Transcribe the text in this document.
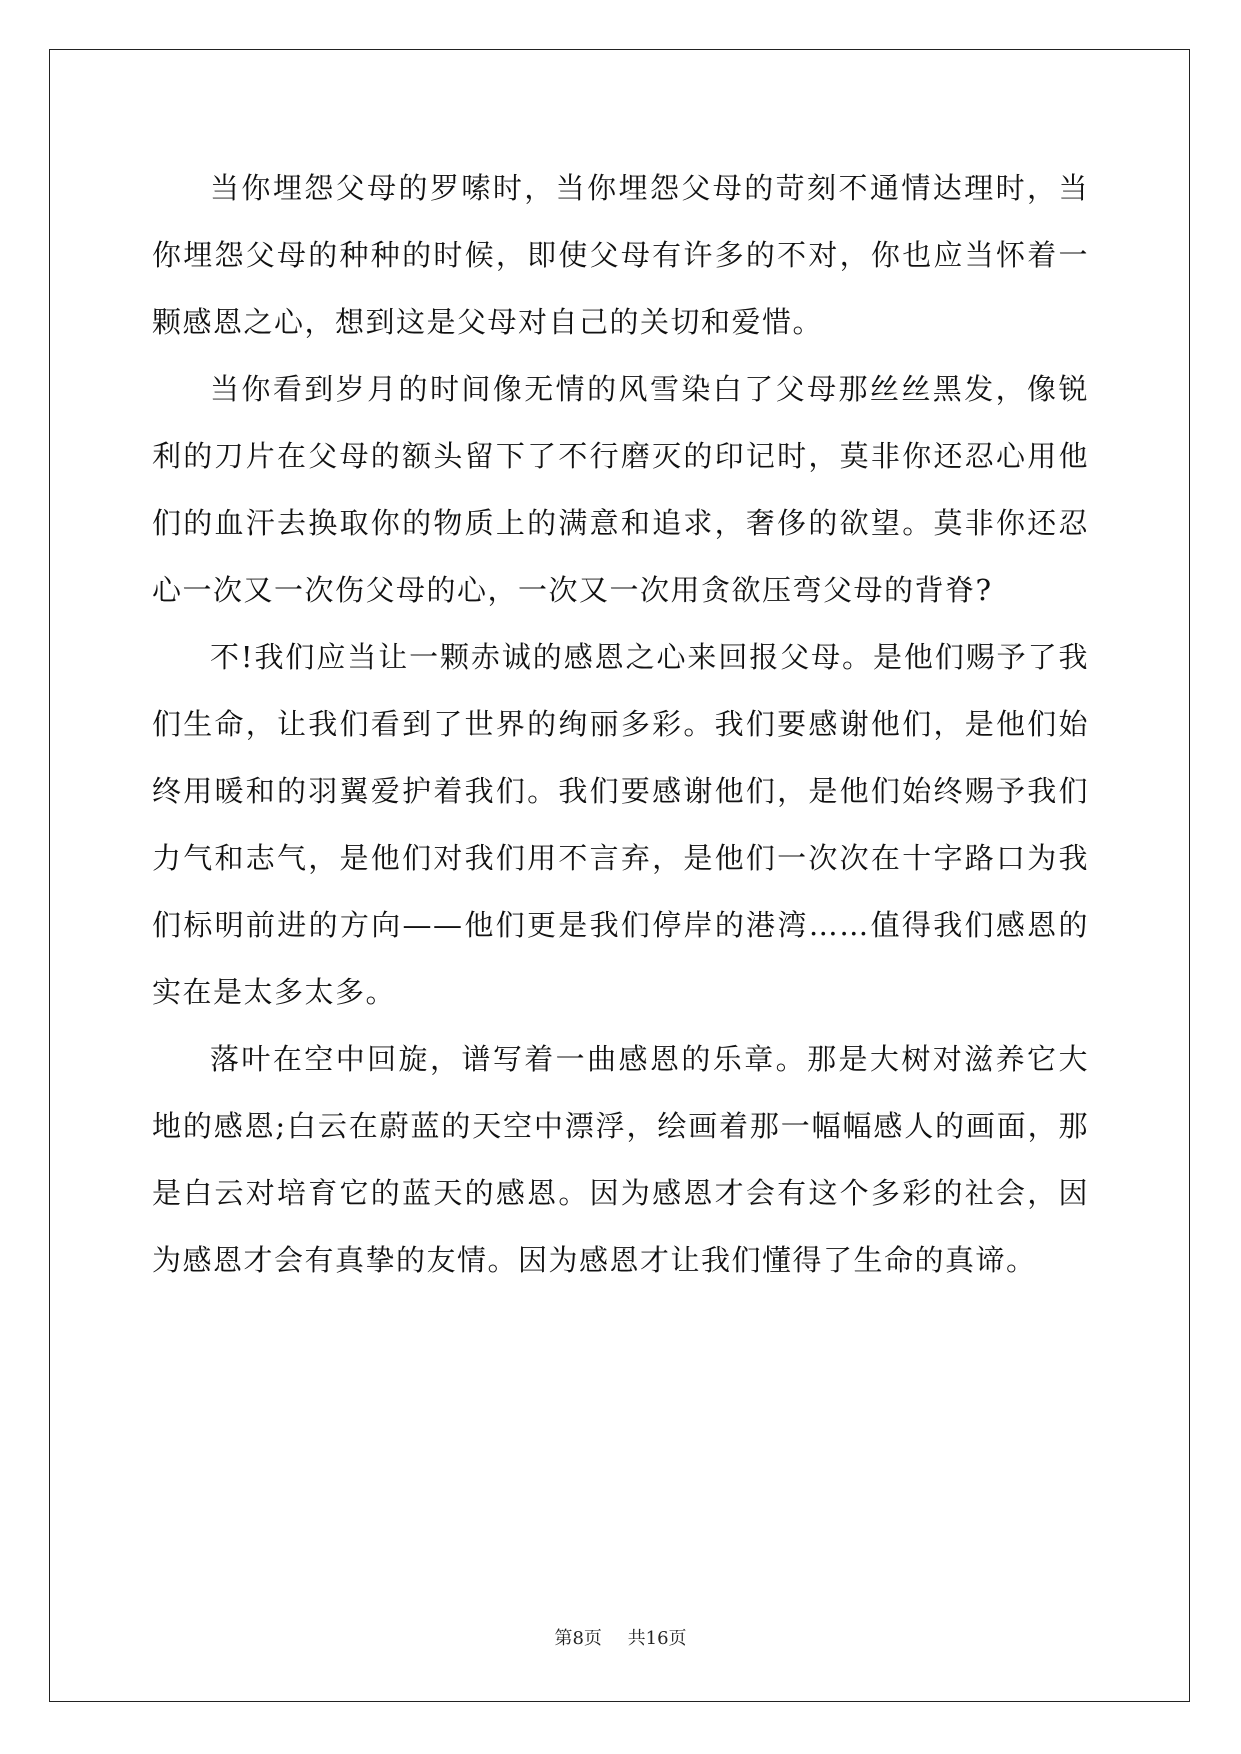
当你埋怨父母的罗嗦时，当你埋怨父母的苛刻不通情达理时，当你埋怨父母的种种的时候，即使父母有许多的不对，你也应当怀着一颗感恩之心，想到这是父母对自己的关切和爱惜。

当你看到岁月的时间像无情的风雪染白了父母那丝丝黑发，像锐利的刀片在父母的额头留下了不行磨灭的印记时，莫非你还忍心用他们的血汗去换取你的物质上的满意和追求，奢侈的欲望。莫非你还忍心一次又一次伤父母的心，一次又一次用贪欲压弯父母的背脊?

不!我们应当让一颗赤诚的感恩之心来回报父母。是他们赐予了我们生命，让我们看到了世界的绚丽多彩。我们要感谢他们，是他们始终用暖和的羽翼爱护着我们。我们要感谢他们，是他们始终赐予我们力气和志气，是他们对我们用不言弃，是他们一次次在十字路口为我们标明前进的方向——他们更是我们停岸的港湾……值得我们感恩的实在是太多太多。

落叶在空中回旋，谱写着一曲感恩的乐章。那是大树对滋养它大地的感恩;白云在蔚蓝的天空中漂浮，绘画着那一幅幅感人的画面，那是白云对培育它的蓝天的感恩。因为感恩才会有这个多彩的社会，因为感恩才会有真挚的友情。因为感恩才让我们懂得了生命的真谛。

第8页 共16页
